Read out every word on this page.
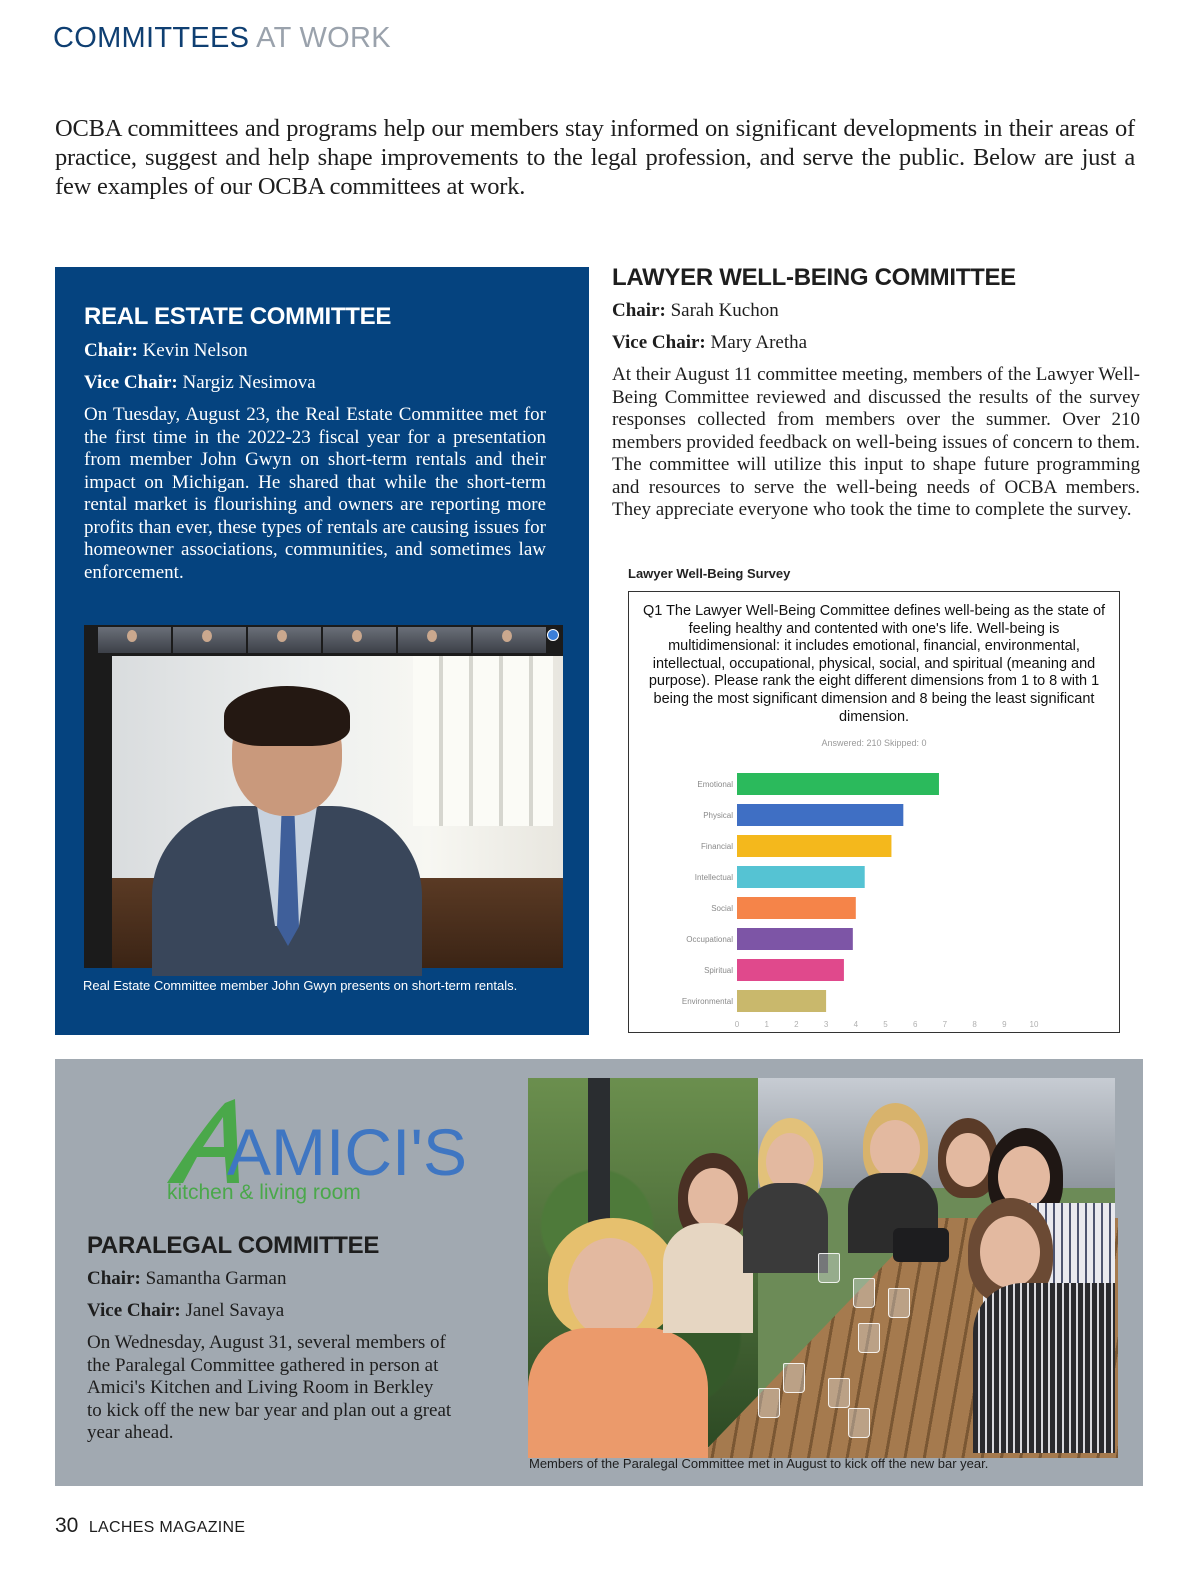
COMMITTEES AT WORK

OCBA committees and programs help our members stay informed on significant developments in their areas of practice, suggest and help shape improvements to the legal profession, and serve the public. Below are just a few examples of our OCBA committees at work.

REAL ESTATE COMMITTEE
Chair: Kevin Nelson
Vice Chair: Nargiz Nesimova

On Tuesday, August 23, the Real Estate Committee met for the first time in the 2022-23 fiscal year for a presentation from member John Gwyn on short-term rentals and their impact on Michigan. He shared that while the short-term rental market is flourishing and owners are reporting more profits than ever, these types of rentals are causing issues for homeowner associations, communities, and sometimes law enforcement.

Real Estate Committee member John Gwyn presents on short-term rentals.

LAWYER WELL-BEING COMMITTEE
Chair: Sarah Kuchon
Vice Chair: Mary Aretha

At their August 11 committee meeting, members of the Lawyer Well-Being Committee reviewed and discussed the results of the survey responses collected from members over the summer. Over 210 members provided feedback on well-being issues of concern to them. The committee will utilize this input to shape future programming and resources to serve the well-being needs of OCBA members. They appreciate everyone who took the time to complete the survey.

Lawyer Well-Being Survey

Q1 The Lawyer Well-Being Committee defines well-being as the state of feeling healthy and contented with one's life. Well-being is multidimensional: it includes emotional, financial, environmental, intellectual, occupational, physical, social, and spiritual (meaning and purpose). Please rank the eight different dimensions from 1 to 8 with 1 being the most significant dimension and 8 being the least significant dimension.

Answered: 210 Skipped: 0
Emotional
Physical
Financial
Intellectual
Social
Occupational
Spiritual
Environmental
0	1	2	3	4	5	6	7	8	9	10
AMICI'S
kitchen & living room
PARALEGAL COMMITTEE
Chair: Samantha Garman
Vice Chair: Janel Savaya

On Wednesday, August 31, several members of the Paralegal Committee gathered in person at Amici's Kitchen and Living Room in Berkley to kick off the new bar year and plan out a great year ahead.

Members of the Paralegal Committee met in August to kick off the new bar year.

30 LACHES MAGAZINE
